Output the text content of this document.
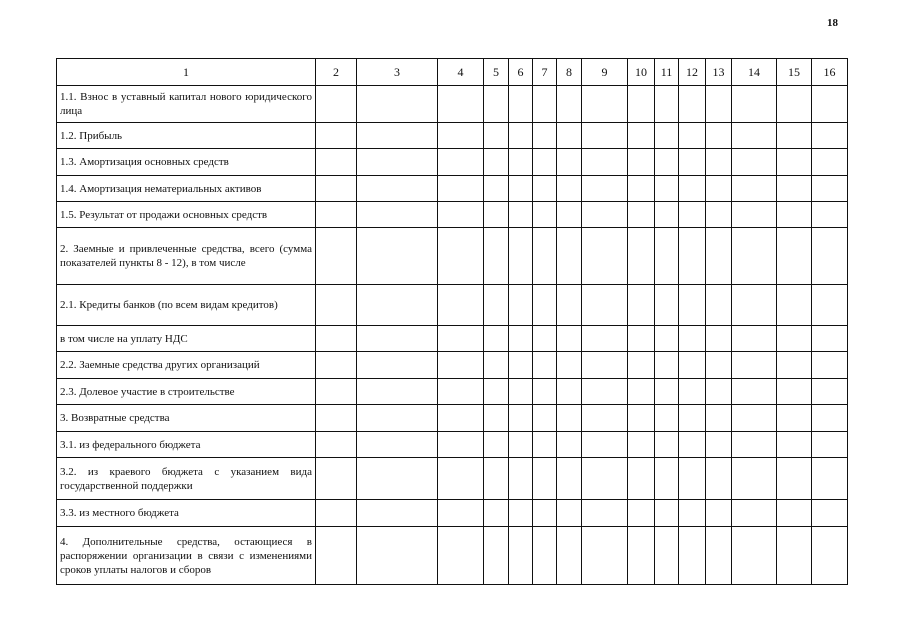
18
1	2	3	4	5	6	7	8	9	10	11	12	13	14	15	16
1.1. Взнос в уставный капитал нового юридического лица															
1.2. Прибыль															
1.3. Амортизация основных средств															
1.4. Амортизация нематериальных активов															
1.5. Результат от продажи основных средств															
2. Заемные и привлеченные средства, всего (сумма показателей пункты 8 - 12), в том числе															
2.1. Кредиты банков (по всем видам кредитов)															
в том числе на уплату НДС															
2.2. Заемные средства других организаций															
2.3. Долевое участие в строительстве															
3. Возвратные средства															
3.1. из федерального бюджета															
3.2. из краевого бюджета с указанием вида государственной поддержки															
3.3. из местного бюджета															
4. Дополнительные средства, остающиеся в распоряжении организации в связи с изменениями сроков уплаты налогов и сборов															
